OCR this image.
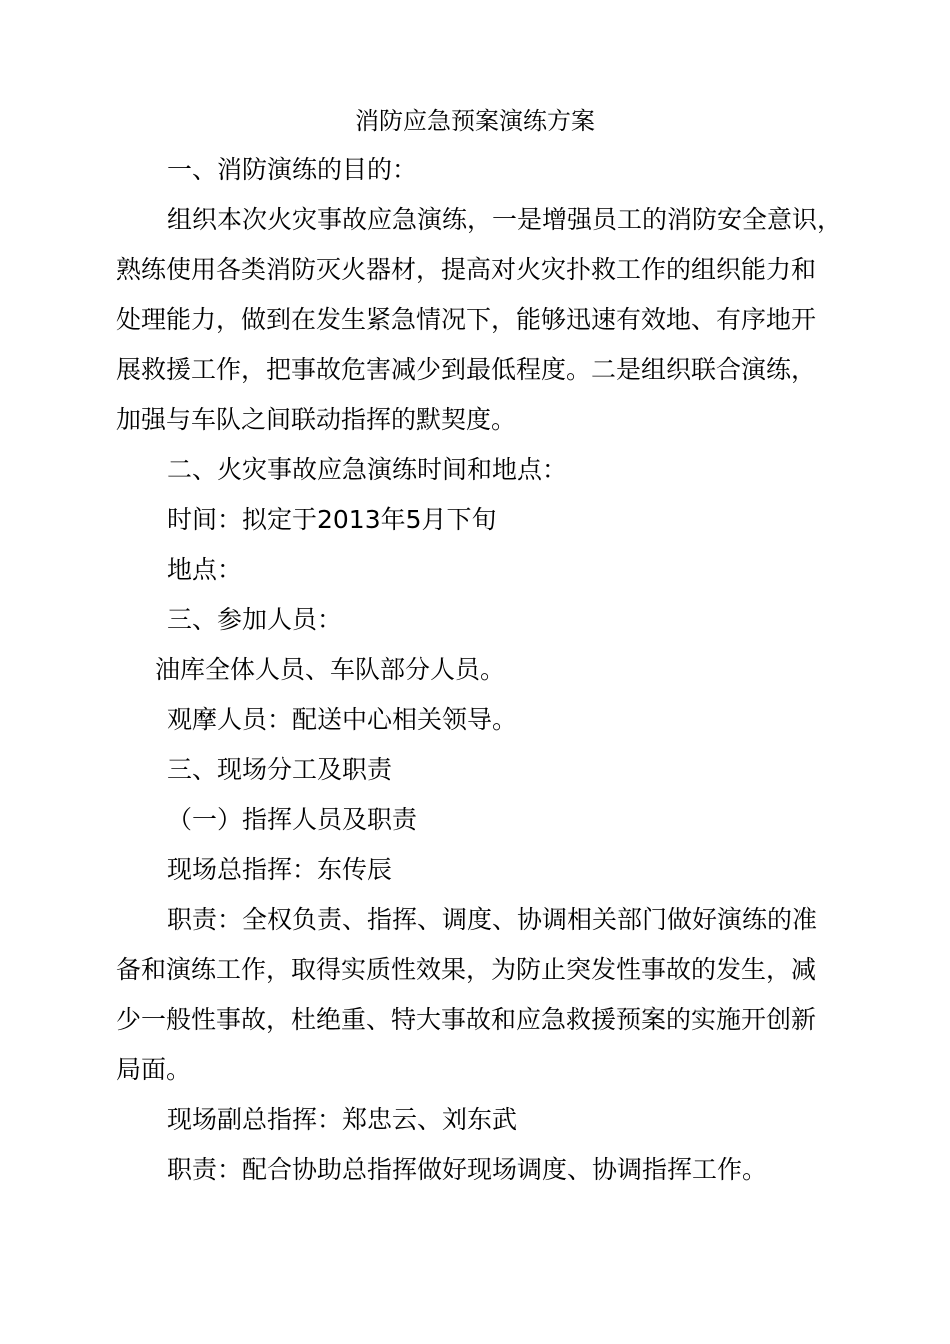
消防应急预案演练方案

一、消防演练的目的：

组织本次火灾事故应急演练，一是增强员工的消防安全意识，

熟练使用各类消防灭火器材，提高对火灾扑救工作的组织能力和

处理能力，做到在发生紧急情况下，能够迅速有效地、有序地开

展救援工作，把事故危害减少到最低程度。二是组织联合演练，

加强与车队之间联动指挥的默契度。

二、火灾事故应急演练时间和地点：

时间：拟定于2013年5月下旬

地点：

三、参加人员：

油库全体人员、车队部分人员。

观摩人员：配送中心相关领导。

三、现场分工及职责

（一）指挥人员及职责

现场总指挥：东传辰

职责：全权负责、指挥、调度、协调相关部门做好演练的准

备和演练工作，取得实质性效果，为防止突发性事故的发生，减

少一般性事故，杜绝重、特大事故和应急救援预案的实施开创新

局面。

现场副总指挥：郑忠云、刘东武

职责：配合协助总指挥做好现场调度、协调指挥工作。
